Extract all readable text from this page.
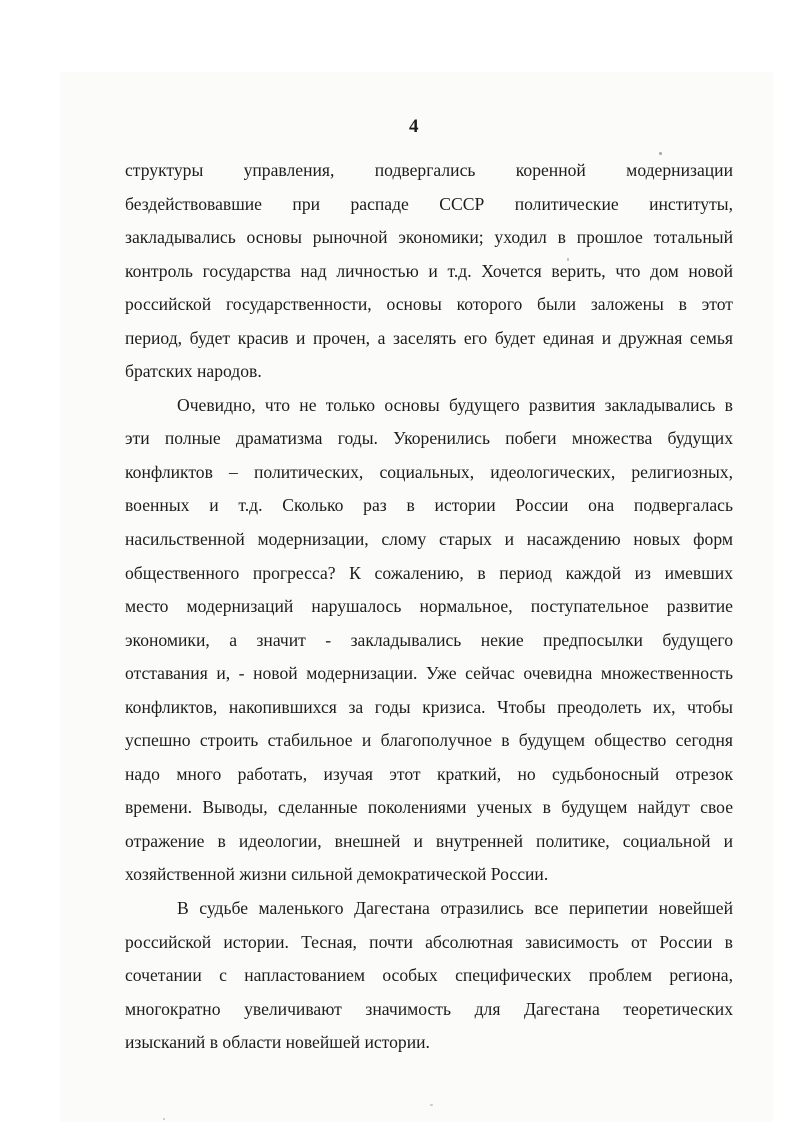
4
структуры управления, подвергались коренной модернизации
бездействовавшие при распаде СССР политические институты,
закладывались основы рыночной экономики; уходил в прошлое тотальный
контроль государства над личностью и т.д. Хочется верить, что дом новой
российской государственности, основы которого были заложены в этот
период, будет красив и прочен, а заселять его будет единая и дружная семья
братских народов.
Очевидно, что не только основы будущего развития закладывались в
эти полные драматизма годы. Укоренились побеги множества будущих
конфликтов – политических, социальных, идеологических, религиозных,
военных и т.д. Сколько раз в истории России она подвергалась
насильственной модернизации, слому старых и насаждению новых форм
общественного прогресса? К сожалению, в период каждой из имевших
место модернизаций нарушалось нормальное, поступательное развитие
экономики, а значит - закладывались некие предпосылки будущего
отставания и, - новой модернизации. Уже сейчас очевидна множественность
конфликтов, накопившихся за годы кризиса. Чтобы преодолеть их, чтобы
успешно строить стабильное и благополучное в будущем общество сегодня
надо много работать, изучая этот краткий, но судьбоносный отрезок
времени. Выводы, сделанные поколениями ученых в будущем найдут свое
отражение в идеологии, внешней и внутренней политике, социальной и
хозяйственной жизни сильной демократической России.
В судьбе маленького Дагестана отразились все перипетии новейшей
российской истории. Тесная, почти абсолютная зависимость от России в
сочетании с напластованием особых специфических проблем региона,
многократно увеличивают значимость для Дагестана теоретических
изысканий в области новейшей истории.
